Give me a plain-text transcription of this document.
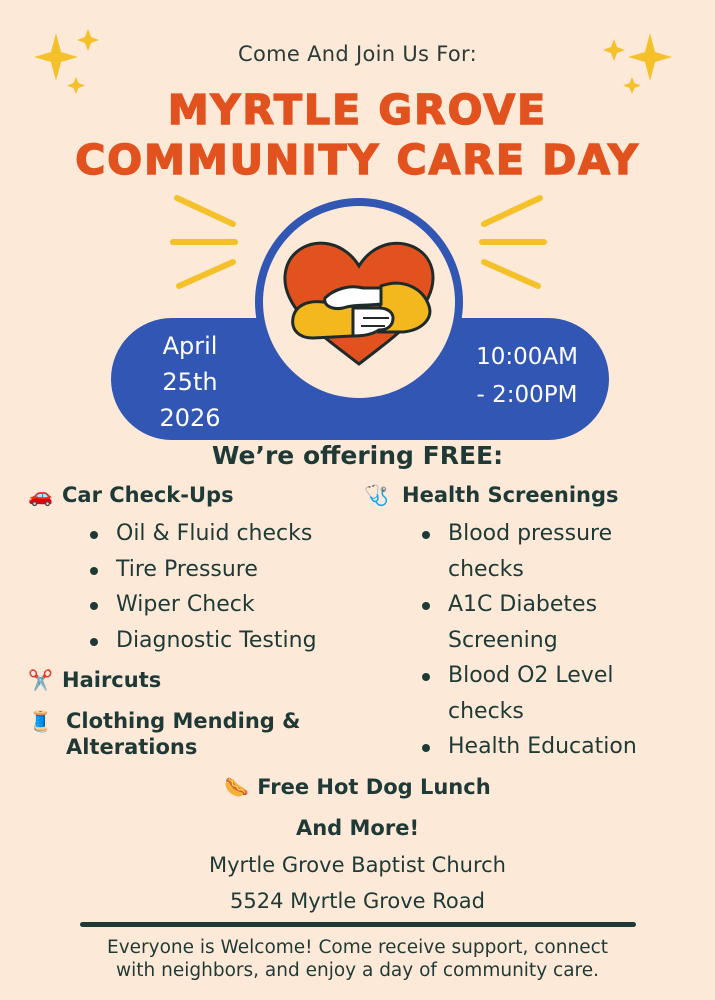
Come And Join Us For:
MYRTLE GROVE
COMMUNITY CARE DAY
April
25th
2026
10:00AM
- 2:00PM
We’re offering FREE:
🚗 Car Check-Ups
Oil & Fluid checks
Tire Pressure
Wiper Check
Diagnostic Testing
✂️ Haircuts
🧵 Clothing Mending &
Alterations
🩺 Health Screenings
Blood pressure
checks
A1C Diabetes
Screening
Blood O2 Level
checks
Health Education
🌭 Free Hot Dog Lunch
And More!
Myrtle Grove Baptist Church
5524 Myrtle Grove Road
Everyone is Welcome! Come receive support, connect
with neighbors, and enjoy a day of community care.
